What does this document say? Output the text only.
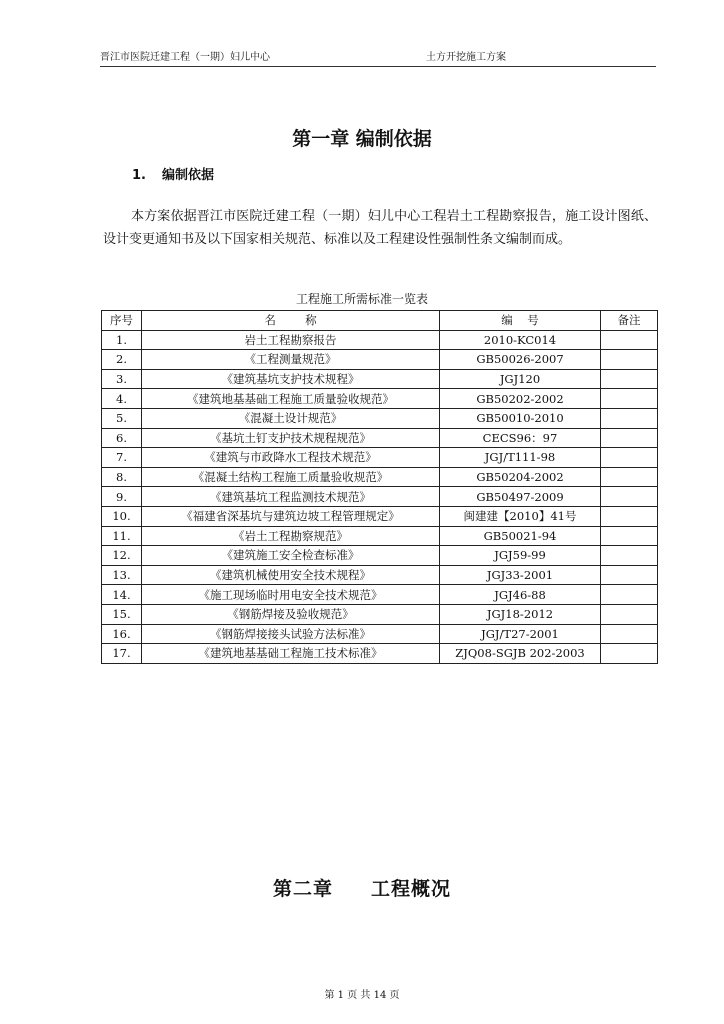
晋江市医院迁建工程（一期）妇儿中心	土方开挖施工方案
第一章 编制依据
1. 编制依据
本方案依据晋江市医院迁建工程（一期）妇儿中心工程岩土工程勘察报告，施工设计图纸、设计变更通知书及以下国家相关规范、标准以及工程建设性强制性条文编制而成。
工程施工所需标准一览表
序号	名        称	编    号	备注
1.	岩土工程勘察报告	2010-KC014	
2.	《工程测量规范》	GB50026-2007	
3.	《建筑基坑支护技术规程》	JGJ120	
4.	《建筑地基基础工程施工质量验收规范》	GB50202-2002	
5.	《混凝土设计规范》	GB50010-2010	
6.	《基坑土钉支护技术规程规范》	CECS96：97	
7.	《建筑与市政降水工程技术规范》	JGJ/T111-98	
8.	《混凝土结构工程施工质量验收规范》	GB50204-2002	
9.	《建筑基坑工程监测技术规范》	GB50497-2009	
10.	《福建省深基坑与建筑边坡工程管理规定》	闽建建【2010】41号	
11.	《岩土工程勘察规范》	GB50021-94	
12.	《建筑施工安全检查标准》	JGJ59-99	
13.	《建筑机械使用安全技术规程》	JGJ33-2001	
14.	《施工现场临时用电安全技术规范》	JGJ46-88	
15.	《钢筋焊接及验收规范》	JGJ18-2012	
16.	《钢筋焊接接头试验方法标准》	JGJ/T27-2001	
17.	《建筑地基基础工程施工技术标准》	ZJQ08-SGJB 202-2003	
第二章     工程概况
第 1 页 共 14 页
